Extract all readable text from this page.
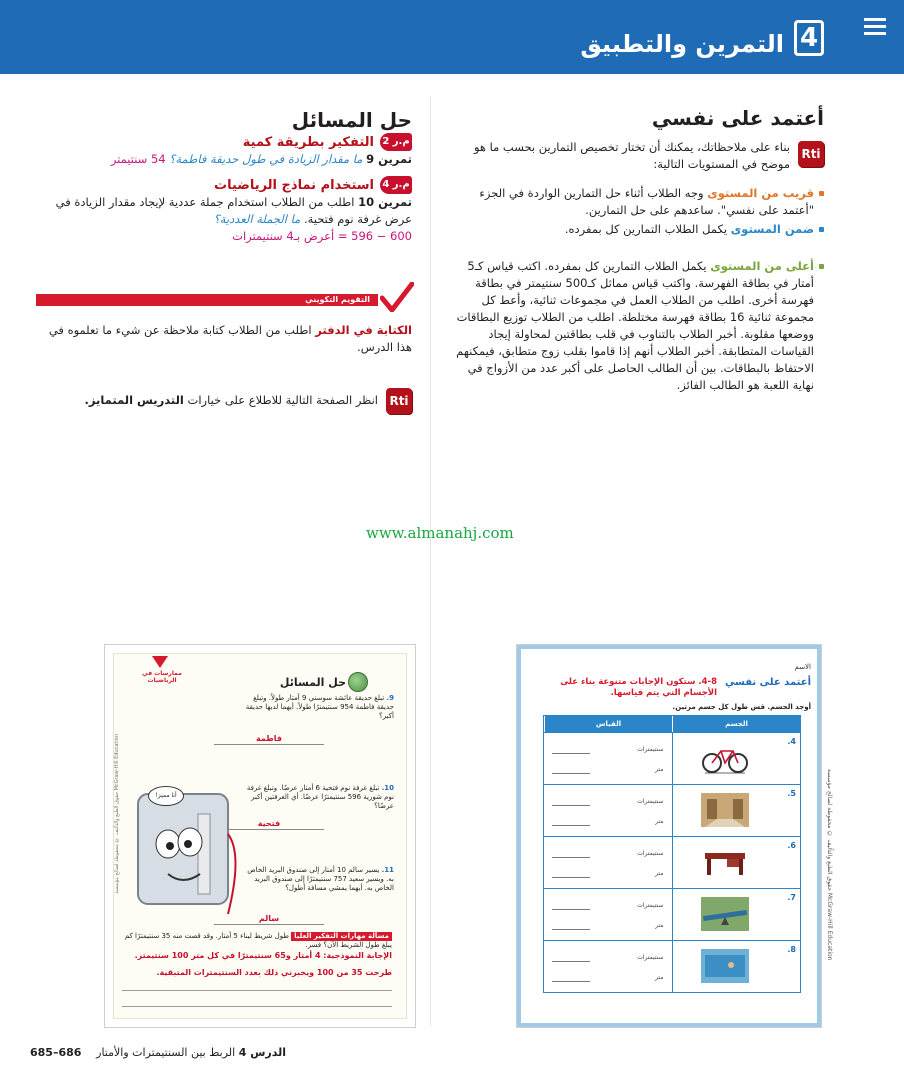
4
التمرين والتطبيق
أعتمد على نفسي
Rti

بناء على ملاحظاتك، يمكنك أن تختار تخصيص التمارين بحسب ما هو موضح في المستويات التالية:

قريب من المستوى وجه الطلاب أثناء حل التمارين الواردة في الجزء "أعتمد على نفسي". ساعدهم على حل التمارين.
ضمن المستوى يكمل الطلاب التمارين كل بمفرده.
أعلى من المستوى يكمل الطلاب التمارين كل بمفرده. اكتب قياس كـ5 أمتار في بطاقة الفهرسة. واكتب قياس مماثل كـ500 سنتيمتر في بطاقة فهرسة أخرى. اطلب من الطلاب العمل في مجموعات ثنائية، وأعط كل مجموعة ثنائية 16 بطاقة فهرسة مختلطة. اطلب من الطلاب توزيع البطاقات ووضعها مقلوبة. أخبر الطلاب بالتناوب في قلب بطاقتين لمحاولة إيجاد القياسات المتطابقة. أخبر الطلاب أنهم إذا قاموا بقلب زوج متطابق، فيمكنهم الاحتفاظ بالبطاقات. بين أن الطالب الحاصل على أكبر عدد من الأزواج في نهاية اللعبة هو الطالب الفائز.
حل المسائل
م.ر 2
التفكير بطريقة كمية
تمرين 9 ما مقدار الزيادة في طول حديقة فاطمة؟ 54 سنتيمتر
م.ر 4
استخدام نماذج الرياضيات
تمرين 10 اطلب من الطلاب استخدام جملة عددية لإيجاد مقدار الزيادة في عرض غرفة نوم فتحية. ما الجملة العددية؟
600 − 596 = أعرض بـ4 سنتيمترات
التقويم التكويني
الكتابة في الدفتر اطلب من الطلاب كتابة ملاحظة عن شيء ما تعلموه في هذا الدرس.
Rti
انظر الصفحة التالية للاطلاع على خيارات التدريس المتمايز.
www.almanahj.com
ممارسات في الرياضيات	حل المسائل
9. تبلغ حديقة عائشة سوسني 9 أمتار طولاً. وتبلغ حديقة فاطمة 954 سنتيمترًا طولاً. أيهما لديها حديقة أكبر؟
فاطمة
10. تبلغ غرفة نوم فتحية 6 أمتار عرضًا. وتبلغ غرفة نوم شورية 596 سنتيمترًا عرضًا. أي الغرفتين أكبر عرضًا؟
فتحية
أنا مميز!
11. يسير سالم 10 أمتار إلى صندوق البريد الخاص به. ويسير سعيد 757 سنتيمترًا إلى صندوق البريد الخاص به. أيهما يمشي مسافة أطول؟
سالم
مسألة مهارات التفكير العليا طول شريط ليناء 5 أمتار. وقد قصت منه 35 سنتيمترًا كم يبلغ طول الشريط الآن؟ فسر.
الإجابة النموذجية: 4 أمتار و65 سنتيمترًا في كل متر 100 سنتيمتر.
طرحت 35 من 100 ويخبرني ذلك بعدد السنتيمترات المتبقية.
حقوق الطبع والتأليف © محفوظة لصالح مؤسسة McGraw-Hill Education
الاسم
أعتمد على نفسي
4-8. ستكون الإجابات متنوعة بناء على الأجسام التي يتم قياسها.
أوجد الجسم. قس طول كل جسم مرتين.
الجسم
القياس
4.
سنتيمترات
متر
5.
سنتيمترات
متر
6.
سنتيمترات
متر
7.
سنتيمترات
متر
8.
سنتيمترات
متر
McGraw-Hill Education حقوق الطبع والتأليف © محفوظة لصالح مؤسسة
الدرس 4 الربط بين السنتيمترات والأمتار
685–686
